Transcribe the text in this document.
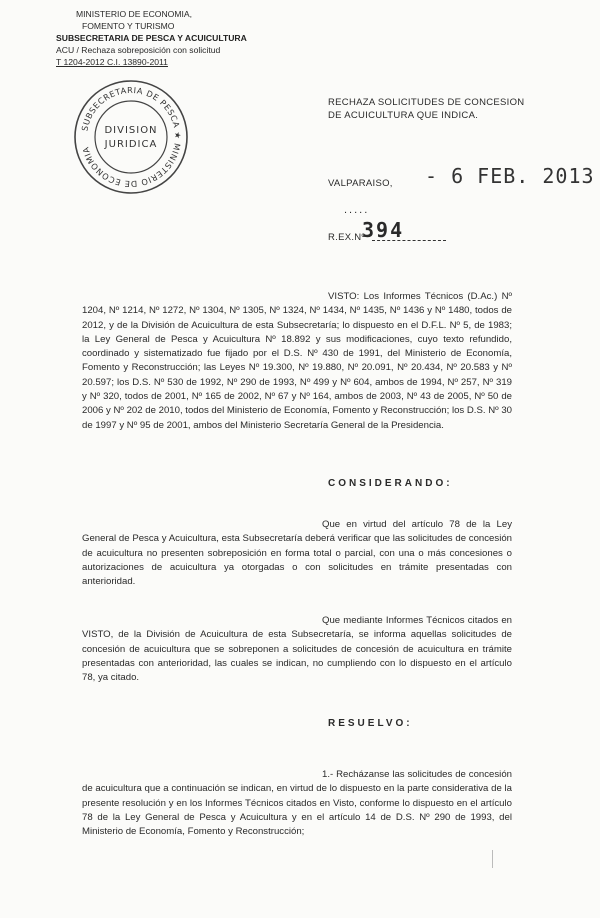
MINISTERIO DE ECONOMIA,
FOMENTO Y TURISMO
SUBSECRETARIA DE PESCA Y ACUICULTURA
ACU / Rechaza sobreposición con solicitud
T 1204-2012 C.I. 13890-2011
SUBSECRETARIA DE PESCA ★ MINISTERIO DE ECONOMIA
DIVISION
JURIDICA
RECHAZA SOLICITUDES DE CONCESION DE ACUICULTURA QUE INDICA.
VALPARAISO, - 6 FEB. 2013
.....
R.EX.Nº
394

VISTO: Los Informes Técnicos (D.Ac.) Nº 1204, Nº 1214, Nº 1272, Nº 1304, Nº 1305, Nº 1324, Nº 1434, Nº 1435, Nº 1436 y Nº 1480, todos de 2012, y de la División de Acuicultura de esta Subsecretaría; lo dispuesto en el D.F.L. Nº 5, de 1983; la Ley General de Pesca y Acuicultura Nº 18.892 y sus modificaciones, cuyo texto refundido, coordinado y sistematizado fue fijado por el D.S. Nº 430 de 1991, del Ministerio de Economía, Fomento y Reconstrucción; las Leyes Nº 19.300, Nº 19.880, Nº 20.091, Nº 20.434, Nº 20.583 y Nº 20.597; los D.S. Nº 530 de 1992, Nº 290 de 1993, Nº 499 y Nº 604, ambos de 1994, Nº 257, Nº 319 y Nº 320, todos de 2001, Nº 165 de 2002, Nº 67 y Nº 164, ambos de 2003, Nº 43 de 2005, Nº 50 de 2006 y Nº 202 de 2010, todos del Ministerio de Economía, Fomento y Reconstrucción; los D.S. Nº 30 de 1997 y Nº 95 de 2001, ambos del Ministerio Secretaría General de la Presidencia.

CONSIDERANDO:

Que en virtud del artículo 78 de la Ley General de Pesca y Acuicultura, esta Subsecretaría deberá verificar que las solicitudes de concesión de acuicultura no presenten sobreposición en forma total o parcial, con una o más concesiones o autorizaciones de acuicultura ya otorgadas o con solicitudes en trámite presentadas con anterioridad.

Que mediante Informes Técnicos citados en VISTO, de la División de Acuicultura de esta Subsecretaría, se informa aquellas solicitudes de concesión de acuicultura que se sobreponen a solicitudes de concesión de acuicultura en trámite presentadas con anterioridad, las cuales se indican, no cumpliendo con lo dispuesto en el artículo 78, ya citado.

RESUELVO:

1.- Recházanse las solicitudes de concesión de acuicultura que a continuación se indican, en virtud de lo dispuesto en la parte considerativa de la presente resolución y en los Informes Técnicos citados en Visto, conforme lo dispuesto en el artículo 78 de la Ley General de Pesca y Acuicultura y en el artículo 14 de D.S. Nº 290 de 1993, del Ministerio de Economía, Fomento y Reconstrucción;
